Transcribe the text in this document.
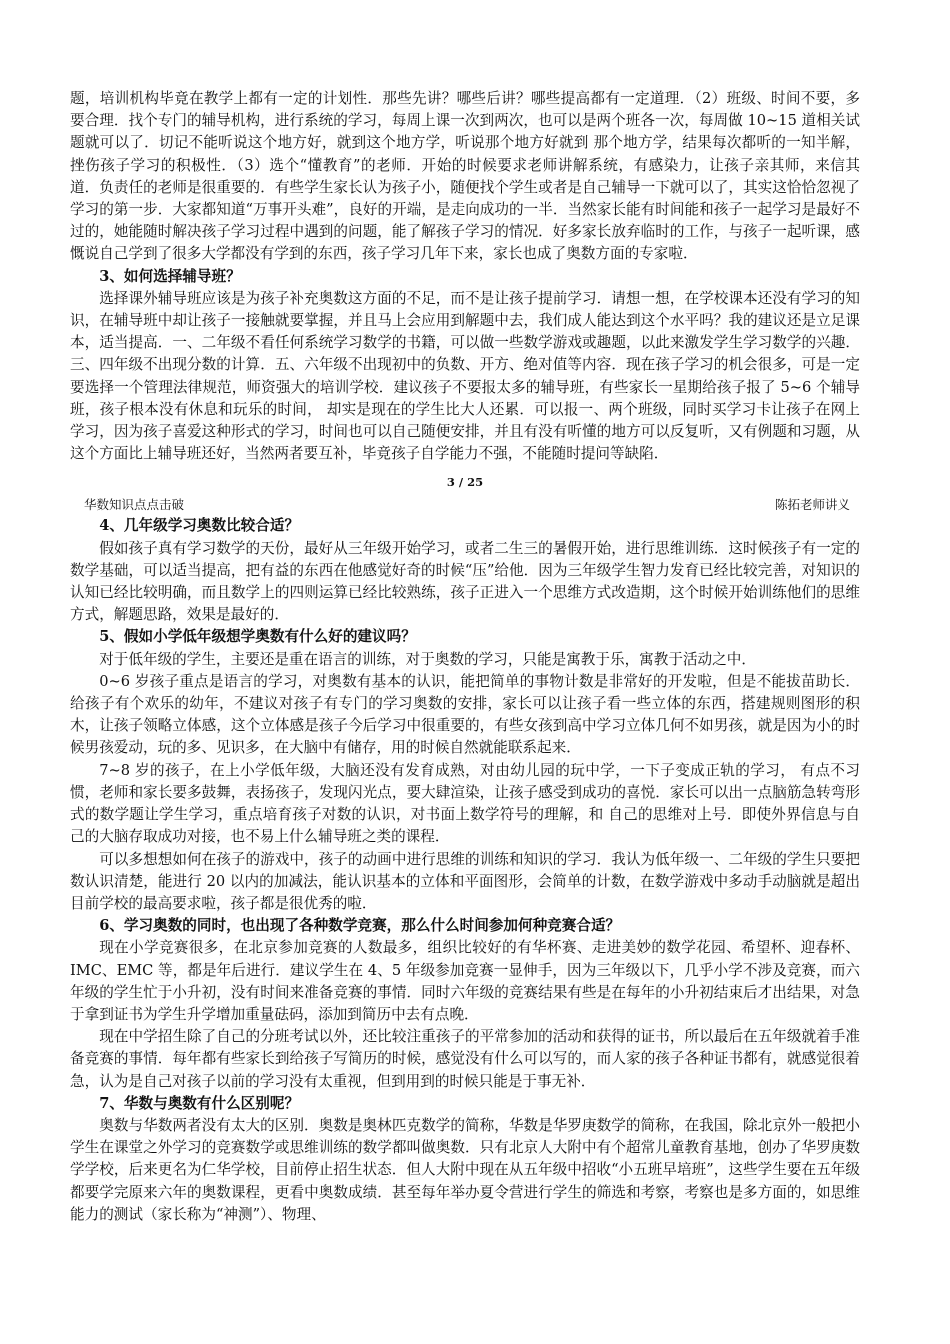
题，培训机构毕竟在教学上都有一定的计划性．那些先讲？哪些后讲？哪些提高都有一定道理．（2）班级、时间不要，多要合理．找个专门的辅导机构，进行系统的学习，每周上课一次到两次，也可以是两个班各一次，每周做 10~15 道相关试题就可以了．切记不能听说这个地方好，就到这个地方学，听说那个地方好就到 那个地方学，结果每次都听的一知半解，挫伤孩子学习的积极性．（3）选个“懂教育”的老师．开始的时候要求老师讲解系统，有感染力，让孩子亲其师，来信其道．负责任的老师是很重要的．有些学生家长认为孩子小，随便找个学生或者是自己辅导一下就可以了，其实这恰恰忽视了学习的第一步．大家都知道“万事开头难”，良好的开端，是走向成功的一半．当然家长能有时间能和孩子一起学习是最好不过的，她能随时解决孩子学习过程中遇到的问题，能了解孩子学习的情况．好多家长放弃临时的工作，与孩子一起听课，感慨说自己学到了很多大学都没有学到的东西，孩子学习几年下来，家长也成了奥数方面的专家啦．

3、如何选择辅导班？

选择课外辅导班应该是为孩子补充奥数这方面的不足，而不是让孩子提前学习．请想一想，在学校课本还没有学习的知识，在辅导班中却让孩子一接触就要掌握，并且马上会应用到解题中去，我们成人能达到这个水平吗？我的建议还是立足课本，适当提高．一、二年级不看任何系统学习数学的书籍，可以做一些数学游戏或趣题，以此来激发学生学习数学的兴趣．三、四年级不出现分数的计算．五、六年级不出现初中的负数、开方、绝对值等内容．现在孩子学习的机会很多，可是一定要选择一个管理法律规范，师资强大的培训学校．建议孩子不要报太多的辅导班，有些家长一星期给孩子报了 5~6 个辅导班，孩子根本没有休息和玩乐的时间， 却实是现在的学生比大人还累．可以报一、两个班级，同时买学习卡让孩子在网上学习，因为孩子喜爱这种形式的学习，时间也可以自己随便安排，并且有没有听懂的地方可以反复听，又有例题和习题，从这个方面比上辅导班还好，当然两者要互补，毕竟孩子自学能力不强，不能随时提问等缺陷．

3 / 25
华数知识点点击破	陈拓老师讲义
4、几年级学习奥数比较合适？

假如孩子真有学习数学的天份，最好从三年级开始学习，或者二生三的暑假开始，进行思维训练．这时候孩子有一定的数学基础，可以适当提高，把有益的东西在他感觉好奇的时候“压”给他．因为三年级学生智力发育已经比较完善，对知识的认知已经比较明确，而且数学上的四则运算已经比较熟练，孩子正进入一个思维方式改造期，这个时候开始训练他们的思维方式，解题思路，效果是最好的．

5、假如小学低年级想学奥数有什么好的建议吗？

对于低年级的学生，主要还是重在语言的训练，对于奥数的学习，只能是寓教于乐，寓教于活动之中．

0~6 岁孩子重点是语言的学习，对奥数有基本的认识，能把简单的事物计数是非常好的开发啦，但是不能拔苗助长．给孩子有个欢乐的幼年，不建议对孩子有专门的学习奥数的安排，家长可以让孩子看一些立体的东西，搭建规则图形的积木，让孩子领略立体感，这个立体感是孩子今后学习中很重要的，有些女孩到高中学习立体几何不如男孩，就是因为小的时候男孩爱动，玩的多、见识多，在大脑中有储存，用的时候自然就能联系起来．

7~8 岁的孩子，在上小学低年级，大脑还没有发育成熟，对由幼儿园的玩中学，一下子变成正轨的学习， 有点不习惯，老师和家长要多鼓舞，表扬孩子，发现闪光点，要大肆渲染，让孩子感受到成功的喜悦．家长可以出一点脑筋急转弯形式的数学题让学生学习，重点培育孩子对数的认识，对书面上数学符号的理解，和 自己的思维对上号．即使外界信息与自己的大脑存取成功对接，也不易上什么辅导班之类的课程．

可以多想想如何在孩子的游戏中，孩子的动画中进行思维的训练和知识的学习．我认为低年级一、二年级的学生只要把数认识清楚，能进行 20 以内的加减法，能认识基本的立体和平面图形，会简单的计数，在数学游戏中多动手动脑就是超出目前学校的最高要求啦，孩子都是很优秀的啦．

6、学习奥数的同时，也出现了各种数学竞赛，那么什么时间参加何种竞赛合适？

现在小学竞赛很多，在北京参加竞赛的人数最多，组织比较好的有华杯赛、走进美妙的数学花园、希望杯、迎春杯、IMC、EMC 等，都是年后进行．建议学生在 4、5 年级参加竞赛一显伸手，因为三年级以下，几乎小学不涉及竞赛，而六年级的学生忙于小升初，没有时间来准备竞赛的事情．同时六年级的竞赛结果有些是在每年的小升初结束后才出结果，对急于拿到证书为学生升学增加重量砝码，添加到简历中去有点晚．

现在中学招生除了自己的分班考试以外，还比较注重孩子的平常参加的活动和获得的证书，所以最后在五年级就着手准备竞赛的事情．每年都有些家长到给孩子写简历的时候，感觉没有什么可以写的，而人家的孩子各种证书都有，就感觉很着急，认为是自己对孩子以前的学习没有太重视，但到用到的时候只能是于事无补．

7、华数与奥数有什么区别呢？

奥数与华数两者没有太大的区别．奥数是奥林匹克数学的简称，华数是华罗庚数学的简称，在我国，除北京外一般把小学生在课堂之外学习的竞赛数学或思维训练的数学都叫做奥数．只有北京人大附中有个超常儿童教育基地，创办了华罗庚数学学校，后来更名为仁华学校，目前停止招生状态．但人大附中现在从五年级中招收“小五班早培班”，这些学生要在五年级都要学完原来六年的奥数课程，更看中奥数成绩．甚至每年举办夏令营进行学生的筛选和考察，考察也是多方面的，如思维能力的测试（家长称为“神测”）、物理、
